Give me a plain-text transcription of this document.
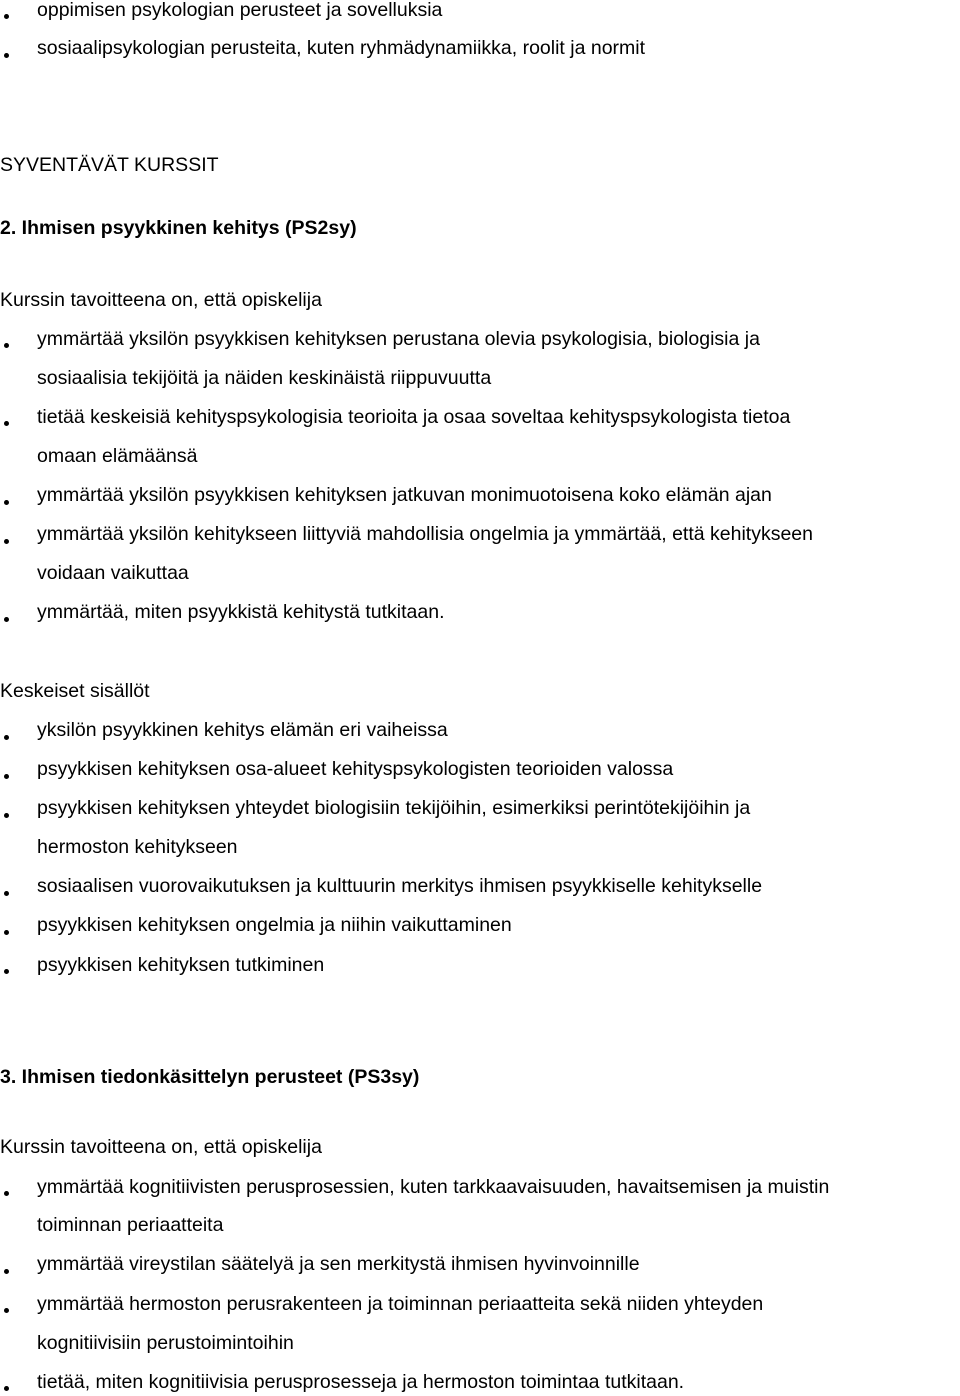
oppimisen psykologian perusteet ja sovelluksia
sosiaalipsykologian perusteita, kuten ryhmädynamiikka, roolit ja normit
SYVENTÄVÄT KURSSIT
2. Ihmisen psyykkinen kehitys (PS2sy)
Kurssin tavoitteena on, että opiskelija
ymmärtää yksilön psyykkisen kehityksen perustana olevia psykologisia, biologisia ja
sosiaalisia tekijöitä ja näiden keskinäistä riippuvuutta
tietää keskeisiä kehityspsykologisia teorioita ja osaa soveltaa kehityspsykologista tietoa
omaan elämäänsä
ymmärtää yksilön psyykkisen kehityksen jatkuvan monimuotoisena koko elämän ajan
ymmärtää yksilön kehitykseen liittyviä mahdollisia ongelmia ja ymmärtää, että kehitykseen
voidaan vaikuttaa
ymmärtää, miten psyykkistä kehitystä tutkitaan.
Keskeiset sisällöt
yksilön psyykkinen kehitys elämän eri vaiheissa
psyykkisen kehityksen osa-alueet kehityspsykologisten teorioiden valossa
psyykkisen kehityksen yhteydet biologisiin tekijöihin, esimerkiksi perintötekijöihin ja
hermoston kehitykseen
sosiaalisen vuorovaikutuksen ja kulttuurin merkitys ihmisen psyykkiselle kehitykselle
psyykkisen kehityksen ongelmia ja niihin vaikuttaminen
psyykkisen kehityksen tutkiminen
3. Ihmisen tiedonkäsittelyn perusteet (PS3sy)
Kurssin tavoitteena on, että opiskelija
ymmärtää kognitiivisten perusprosessien, kuten tarkkaavaisuuden, havaitsemisen ja muistin
toiminnan periaatteita
ymmärtää vireystilan säätelyä ja sen merkitystä ihmisen hyvinvoinnille
ymmärtää hermoston perusrakenteen ja toiminnan periaatteita sekä niiden yhteyden
kognitiivisiin perustoimintoihin
tietää, miten kognitiivisia perusprosesseja ja hermoston toimintaa tutkitaan.
